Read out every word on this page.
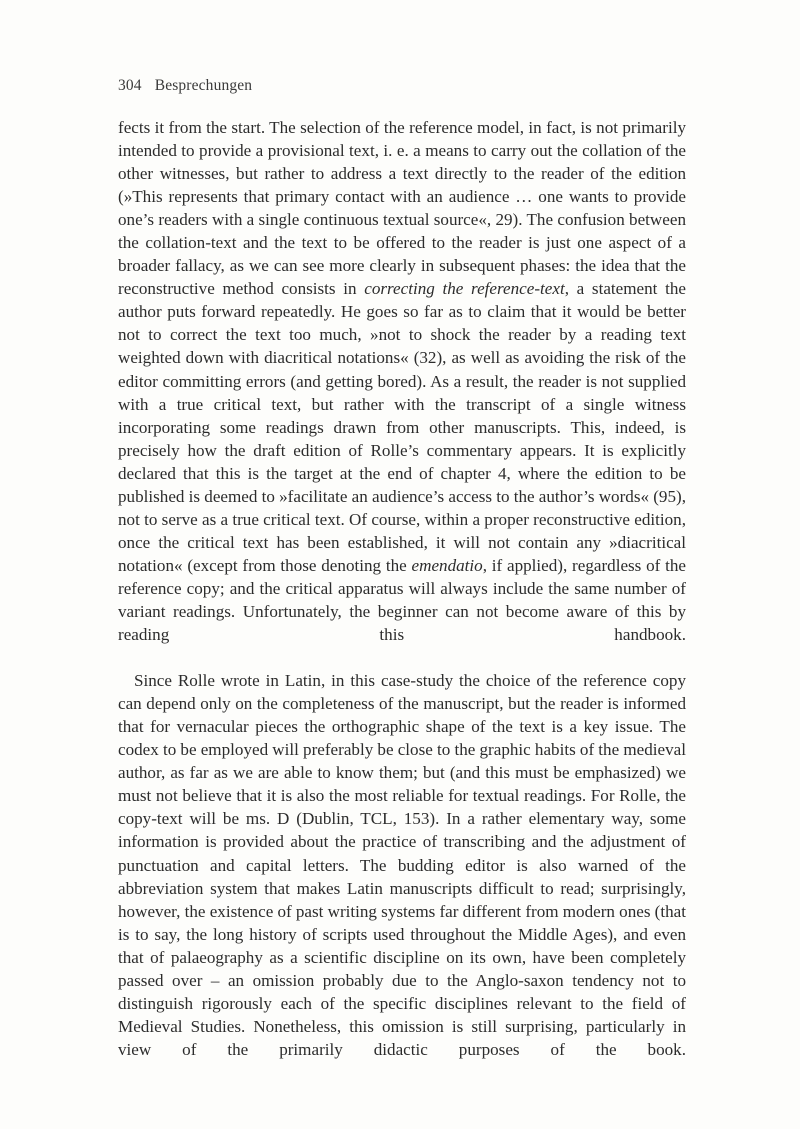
304 Besprechungen

fects it from the start. The selection of the reference model, in fact, is not primarily intended to provide a provisional text, i. e. a means to carry out the collation of the other witnesses, but rather to address a text directly to the reader of the edition (»This represents that primary contact with an audience … one wants to provide one’s readers with a single continuous textual source«, 29). The confusion between the collation-text and the text to be offered to the reader is just one aspect of a broader fallacy, as we can see more clearly in subsequent phases: the idea that the reconstructive method consists in correcting the reference-text, a statement the author puts forward repeatedly. He goes so far as to claim that it would be better not to correct the text too much, »not to shock the reader by a reading text weighted down with diacritical notations« (32), as well as avoiding the risk of the editor committing errors (and getting bored). As a result, the reader is not supplied with a true critical text, but rather with the transcript of a single witness incorporating some readings drawn from other manuscripts. This, indeed, is precisely how the draft edition of Rolle’s commentary appears. It is explicitly declared that this is the target at the end of chapter 4, where the edition to be published is deemed to »facilitate an audience’s access to the author’s words« (95), not to serve as a true critical text. Of course, within a proper reconstructive edition, once the critical text has been established, it will not contain any »diacritical notation« (except from those denoting the emendatio, if applied), regardless of the reference copy; and the critical apparatus will always include the same number of variant readings. Unfortunately, the beginner can not become aware of this by reading this handbook.

Since Rolle wrote in Latin, in this case-study the choice of the reference copy can depend only on the completeness of the manuscript, but the reader is informed that for vernacular pieces the orthographic shape of the text is a key issue. The codex to be employed will preferably be close to the graphic habits of the medieval author, as far as we are able to know them; but (and this must be emphasized) we must not believe that it is also the most reliable for textual readings. For Rolle, the copy-text will be ms. D (Dublin, TCL, 153). In a rather elementary way, some information is provided about the practice of transcribing and the adjustment of punctuation and capital letters. The budding editor is also warned of the abbreviation system that makes Latin manuscripts difficult to read; surprisingly, however, the existence of past writing systems far different from modern ones (that is to say, the long history of scripts used throughout the Middle Ages), and even that of palaeography as a scientific discipline on its own, have been completely passed over – an omission probably due to the Anglo-saxon tendency not to distinguish rigorously each of the specific disciplines relevant to the field of Medieval Studies. Nonetheless, this omission is still surprising, particularly in view of the primarily didactic purposes of the book.
